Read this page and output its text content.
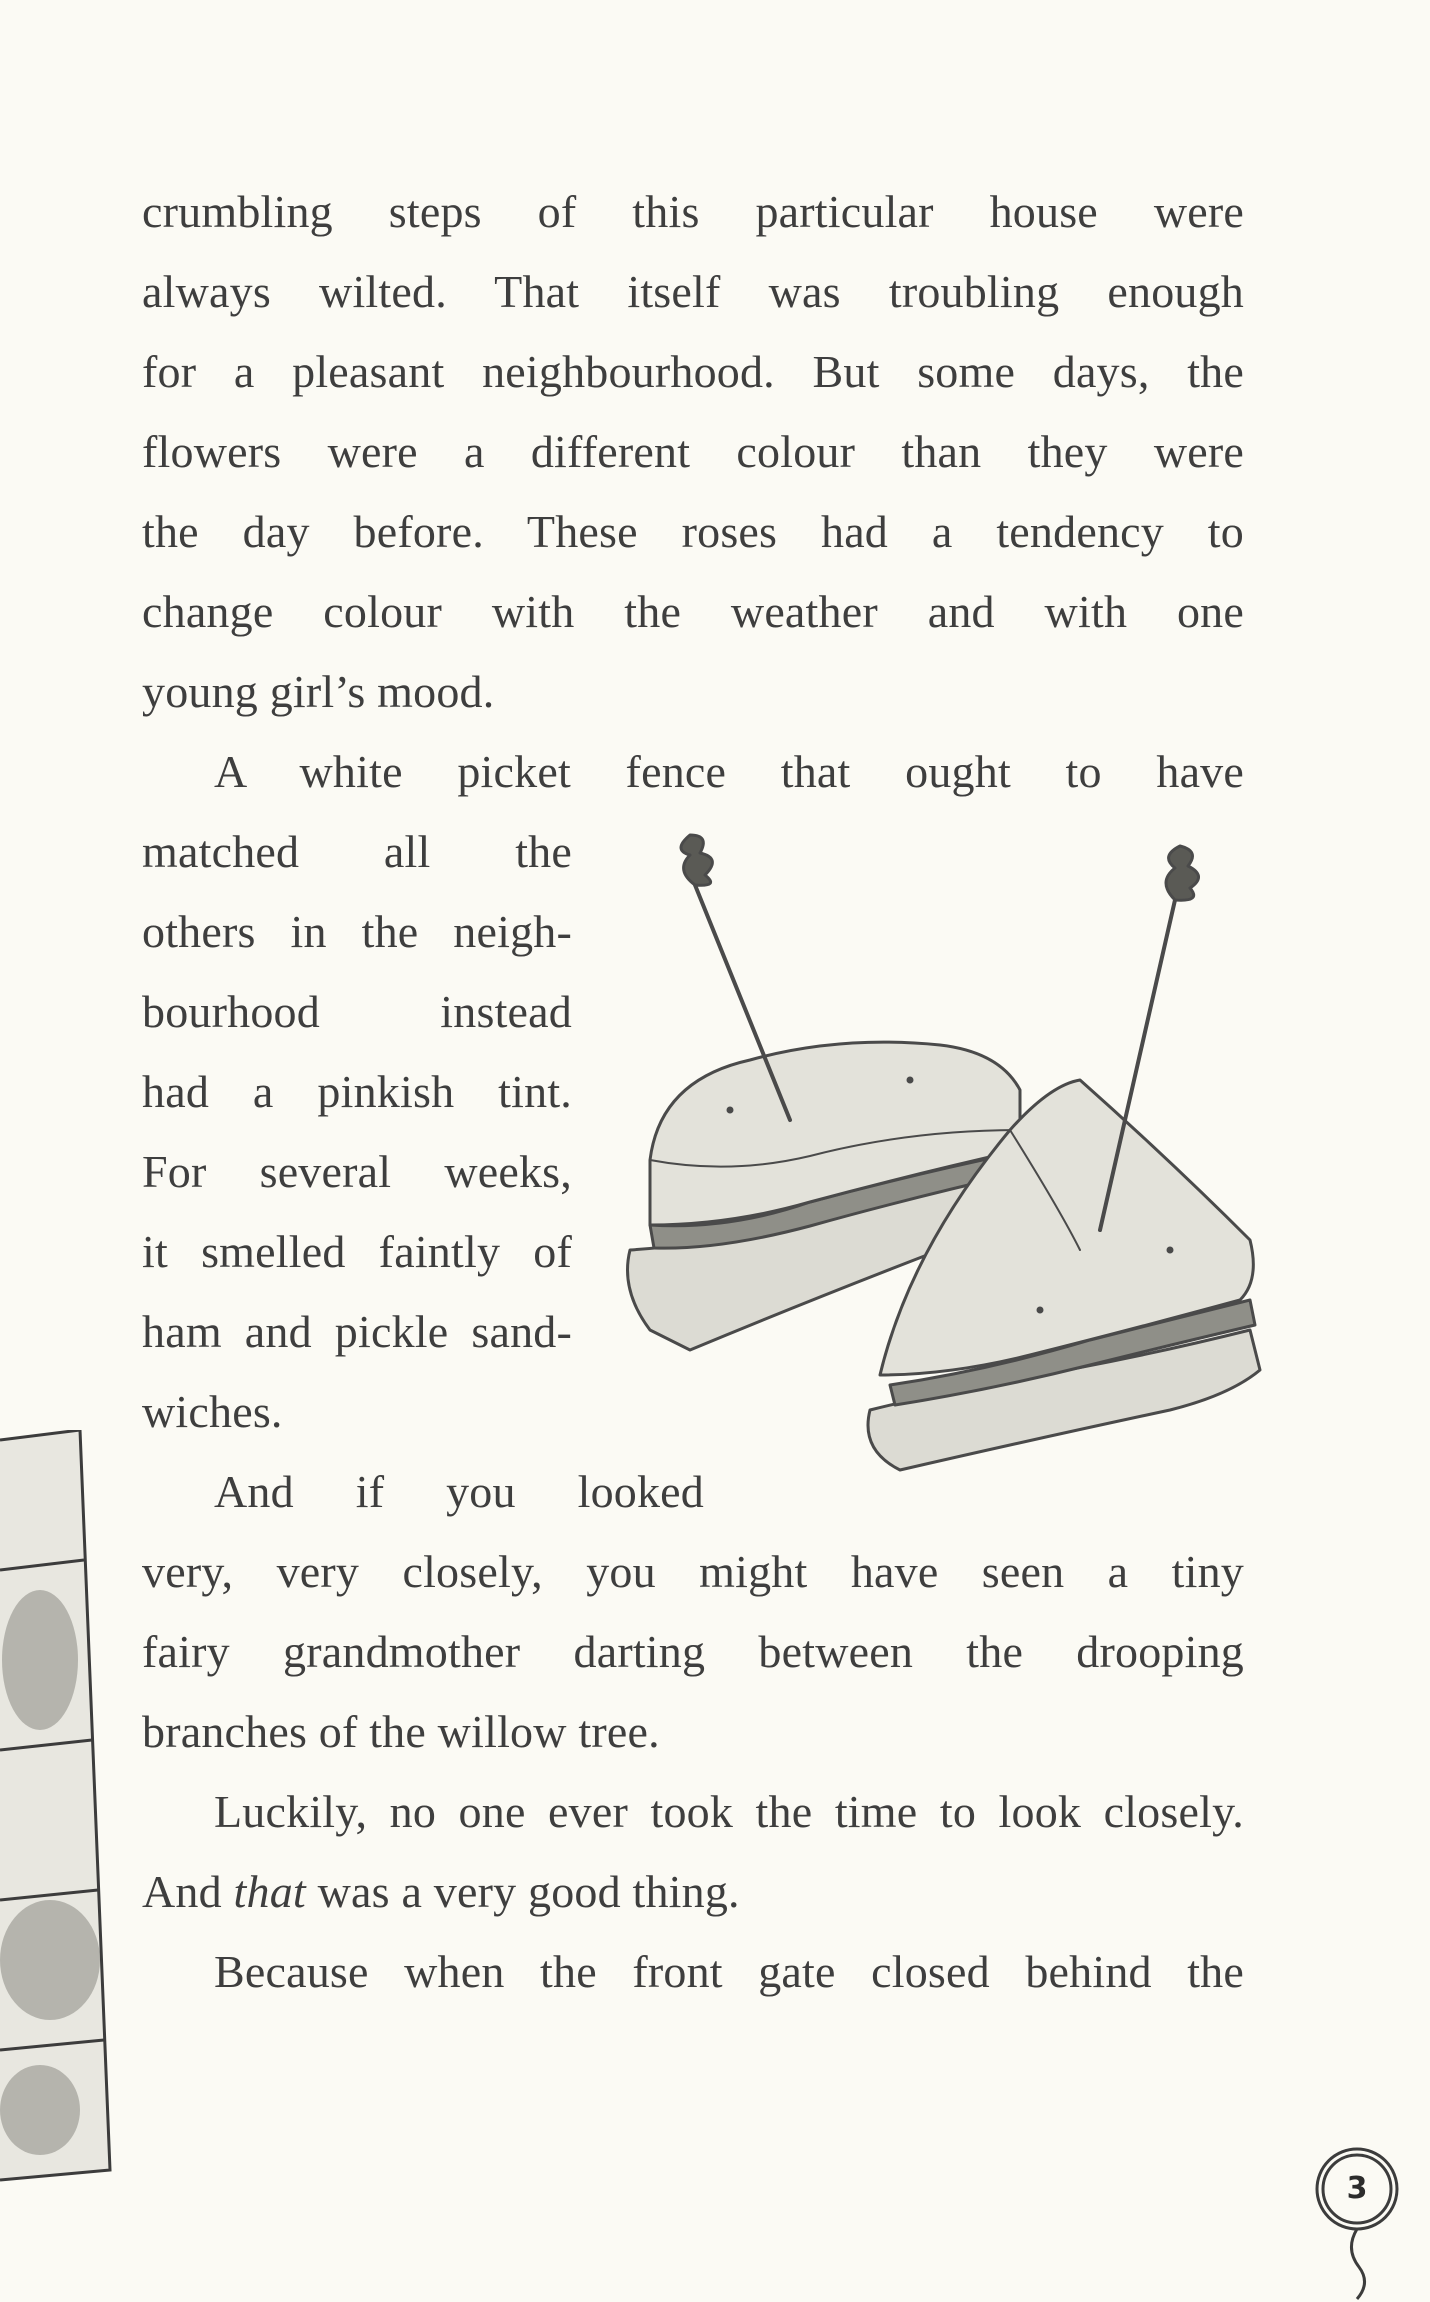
crumbling steps of this particular house were
always wilted. That itself was troubling enough
for a pleasant neighbourhood. But some days, the
flowers were a different colour than they were
the day before. These roses had a tendency to
change colour with the weather and with one
young girl’s mood.
A white picket fence that ought to have
matched all the
others in the neigh-
bourhood instead
had a pinkish tint.
For several weeks,
it smelled faintly of
ham and pickle sand-
wiches.
And if you looked
very, very closely, you might have seen a tiny
fairy grandmother darting between the drooping
branches of the willow tree.
Luckily, no one ever took the time to look closely.
And that was a very good thing.
Because when the front gate closed behind the
3
